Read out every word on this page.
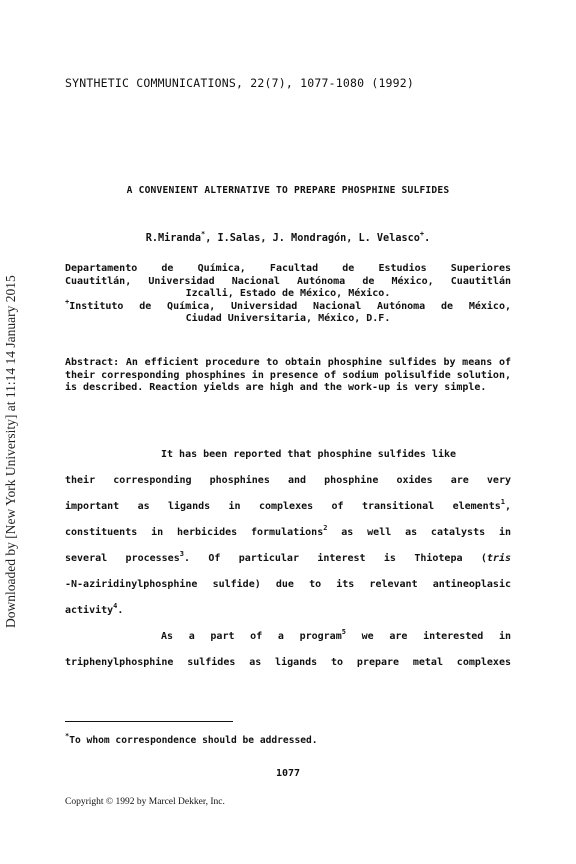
Downloaded by [New York University] at 11:14 14 January 2015
SYNTHETIC COMMUNICATIONS, 22(7), 1077-1080 (1992)
A CONVENIENT ALTERNATIVE TO PREPARE PHOSPHINE SULFIDES
R.Miranda*, I.Salas, J. Mondragón, L. Velasco+.
Departamento de Química, Facultad de Estudios Superiores
Cuautitlán, Universidad Nacional Autónoma de México, Cuautitlán
Izcalli, Estado de México, México.
+Instituto de Química, Universidad Nacional Autónoma de México,
Ciudad Universitaria, México, D.F.
Abstract: An efficient procedure to obtain phosphine sulfides by means of their corresponding phosphines in presence of sodium polisulfide solution, is described. Reaction yields are high and the work-up is very simple.
It has been reported that phosphine sulfides like
their corresponding phosphines and phosphine oxides are very
important as ligands in complexes of transitional elements$^1$,
constituents in herbicides formulations$^2$ as well as catalysts in
several processes$^3$. Of particular interest is Thiotepa (tris
-N-aziridinylphosphine sulfide) due to its relevant antineoplasic
activity$^4$.
As a part of a program$^5$ we are interested in
triphenylphosphine sulfides as ligands to prepare metal complexes
*To whom correspondence should be addressed.
1077
Copyright © 1992 by Marcel Dekker, Inc.
